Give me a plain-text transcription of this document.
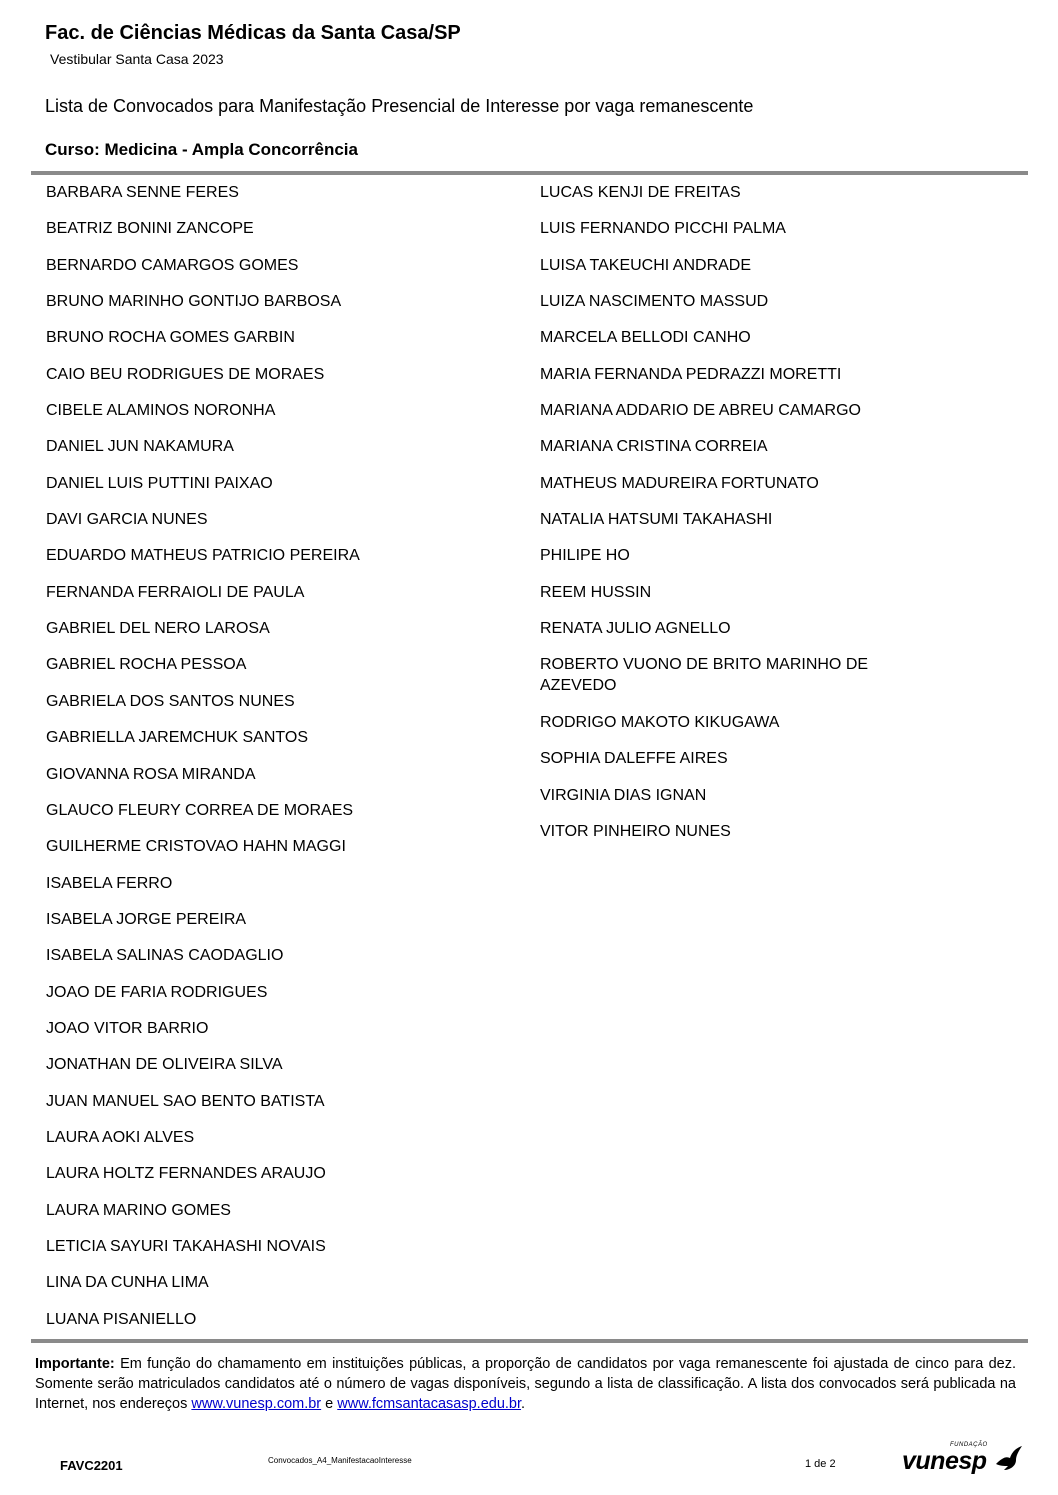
Fac. de Ciências Médicas da Santa Casa/SP
Vestibular Santa Casa 2023
Lista de Convocados para Manifestação Presencial de Interesse por vaga remanescente
Curso: Medicina - Ampla Concorrência
BARBARA SENNE FERES
BEATRIZ BONINI ZANCOPE
BERNARDO CAMARGOS GOMES
BRUNO MARINHO GONTIJO BARBOSA
BRUNO ROCHA GOMES GARBIN
CAIO BEU RODRIGUES DE MORAES
CIBELE ALAMINOS NORONHA
DANIEL JUN NAKAMURA
DANIEL LUIS PUTTINI PAIXAO
DAVI GARCIA NUNES
EDUARDO MATHEUS PATRICIO PEREIRA
FERNANDA FERRAIOLI DE PAULA
GABRIEL DEL NERO LAROSA
GABRIEL ROCHA PESSOA
GABRIELA DOS SANTOS NUNES
GABRIELLA JAREMCHUK SANTOS
GIOVANNA ROSA MIRANDA
GLAUCO FLEURY CORREA DE MORAES
GUILHERME CRISTOVAO HAHN MAGGI
ISABELA FERRO
ISABELA JORGE PEREIRA
ISABELA SALINAS CAODAGLIO
JOAO DE FARIA RODRIGUES
JOAO VITOR BARRIO
JONATHAN DE OLIVEIRA SILVA
JUAN MANUEL SAO BENTO BATISTA
LAURA AOKI ALVES
LAURA HOLTZ FERNANDES ARAUJO
LAURA MARINO GOMES
LETICIA SAYURI TAKAHASHI NOVAIS
LINA DA CUNHA LIMA
LUANA PISANIELLO
LUCAS KENJI DE FREITAS
LUIS FERNANDO PICCHI PALMA
LUISA TAKEUCHI ANDRADE
LUIZA NASCIMENTO MASSUD
MARCELA BELLODI CANHO
MARIA FERNANDA PEDRAZZI MORETTI
MARIANA ADDARIO DE ABREU CAMARGO
MARIANA CRISTINA CORREIA
MATHEUS MADUREIRA FORTUNATO
NATALIA HATSUMI TAKAHASHI
PHILIPE HO
REEM HUSSIN
RENATA JULIO AGNELLO
ROBERTO VUONO DE BRITO MARINHO DE AZEVEDO
RODRIGO MAKOTO KIKUGAWA
SOPHIA DALEFFE AIRES
VIRGINIA DIAS IGNAN
VITOR PINHEIRO NUNES

Importante: Em função do chamamento em instituições públicas, a proporção de candidatos por vaga remanescente foi ajustada de cinco para dez. Somente serão matriculados candidatos até o número de vagas disponíveis, segundo a lista de classificação. A lista dos convocados será publicada na Internet, nos endereços www.vunesp.com.br e www.fcmsantacasasp.edu.br.

FAVC2201	Convocados_A4_ManifestacaoInteresse	1 de 2
FUNDAÇÃO
vunesp
